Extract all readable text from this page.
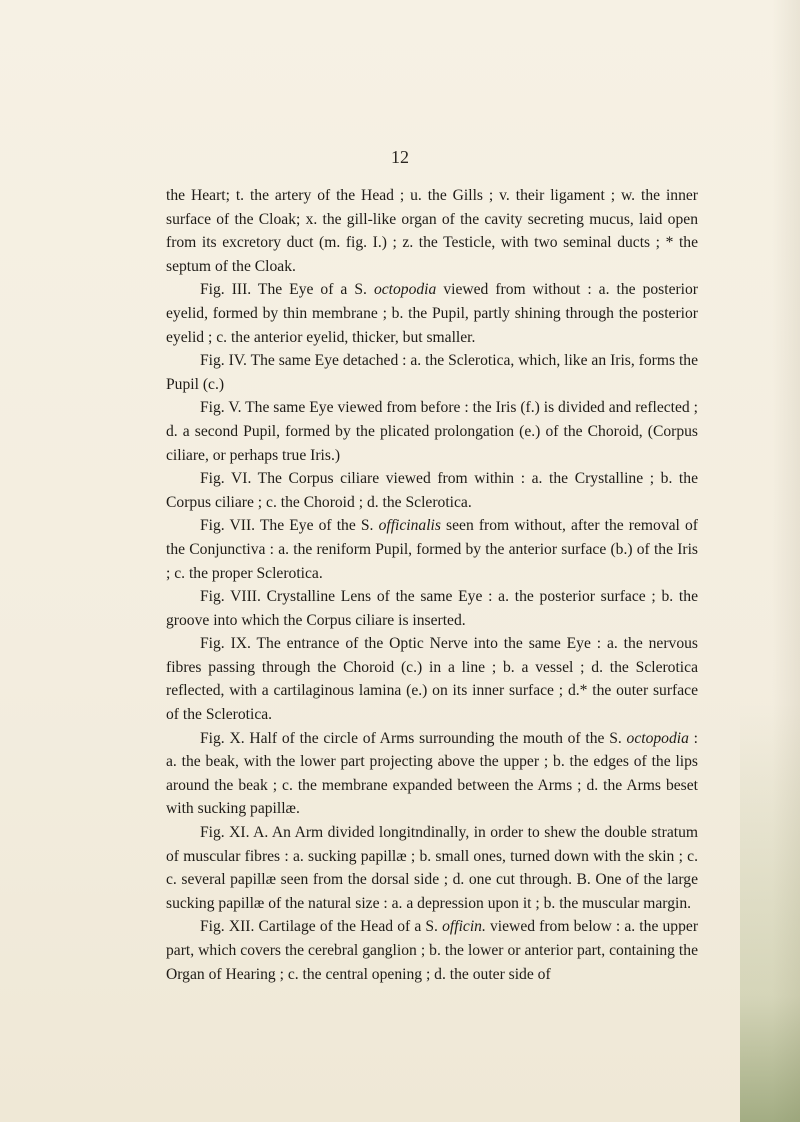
12

the Heart; t. the artery of the Head ; u. the Gills ; v. their ligament ; w. the inner surface of the Cloak; x. the gill-like organ of the cavity secreting mucus, laid open from its excretory duct (m. fig. I.) ; z. the Testicle, with two seminal ducts ; * the septum of the Cloak.

Fig. III. The Eye of a S. octopodia viewed from without : a. the posterior eyelid, formed by thin membrane ; b. the Pupil, partly shining through the posterior eyelid ; c. the anterior eyelid, thicker, but smaller.

Fig. IV. The same Eye detached : a. the Sclerotica, which, like an Iris, forms the Pupil (c.)

Fig. V. The same Eye viewed from before : the Iris (f.) is divided and reflected ; d. a second Pupil, formed by the plicated prolongation (e.) of the Choroid, (Corpus ciliare, or perhaps true Iris.)

Fig. VI. The Corpus ciliare viewed from within : a. the Crystalline ; b. the Corpus ciliare ; c. the Choroid ; d. the Sclerotica.

Fig. VII. The Eye of the S. officinalis seen from without, after the removal of the Conjunctiva : a. the reniform Pupil, formed by the anterior surface (b.) of the Iris ; c. the proper Sclerotica.

Fig. VIII. Crystalline Lens of the same Eye : a. the posterior surface ; b. the groove into which the Corpus ciliare is inserted.

Fig. IX. The entrance of the Optic Nerve into the same Eye : a. the nervous fibres passing through the Choroid (c.) in a line ; b. a vessel ; d. the Sclerotica reflected, with a cartilaginous lamina (e.) on its inner surface ; d.* the outer surface of the Sclerotica.

Fig. X. Half of the circle of Arms surrounding the mouth of the S. octopodia : a. the beak, with the lower part projecting above the upper ; b. the edges of the lips around the beak ; c. the membrane expanded between the Arms ; d. the Arms beset with sucking papillæ.

Fig. XI. A. An Arm divided longitndinally, in order to shew the double stratum of muscular fibres : a. sucking papillæ ; b. small ones, turned down with the skin ; c. c. several papillæ seen from the dorsal side ; d. one cut through. B. One of the large sucking papillæ of the natural size : a. a depression upon it ; b. the muscular margin.

Fig. XII. Cartilage of the Head of a S. officin. viewed from below : a. the upper part, which covers the cerebral ganglion ; b. the lower or anterior part, containing the Organ of Hearing ; c. the central opening ; d. the outer side of
